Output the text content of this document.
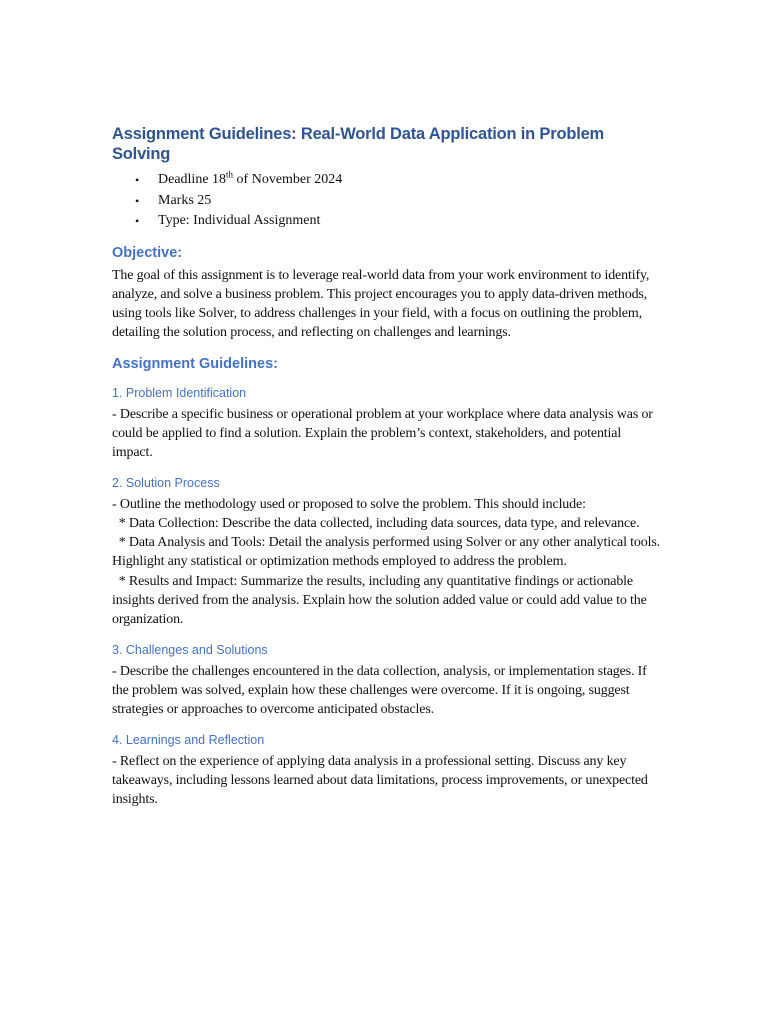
Assignment Guidelines: Real-World Data Application in Problem Solving
• Deadline 18th of November 2024
• Marks 25
• Type: Individual Assignment
Objective:

The goal of this assignment is to leverage real-world data from your work environment to identify, analyze, and solve a business problem. This project encourages you to apply data-driven methods, using tools like Solver, to address challenges in your field, with a focus on outlining the problem, detailing the solution process, and reflecting on challenges and learnings.

Assignment Guidelines:
1. Problem Identification
- Describe a specific business or operational problem at your workplace where data analysis was or could be applied to find a solution. Explain the problem’s context, stakeholders, and potential impact.
2. Solution Process
- Outline the methodology used or proposed to solve the problem. This should include:
* Data Collection: Describe the data collected, including data sources, data type, and relevance.
* Data Analysis and Tools: Detail the analysis performed using Solver or any other analytical tools. Highlight any statistical or optimization methods employed to address the problem.
* Results and Impact: Summarize the results, including any quantitative findings or actionable insights derived from the analysis. Explain how the solution added value or could add value to the organization.
3. Challenges and Solutions
- Describe the challenges encountered in the data collection, analysis, or implementation stages. If the problem was solved, explain how these challenges were overcome. If it is ongoing, suggest strategies or approaches to overcome anticipated obstacles.
4. Learnings and Reflection
- Reflect on the experience of applying data analysis in a professional setting. Discuss any key takeaways, including lessons learned about data limitations, process improvements, or unexpected insights.
